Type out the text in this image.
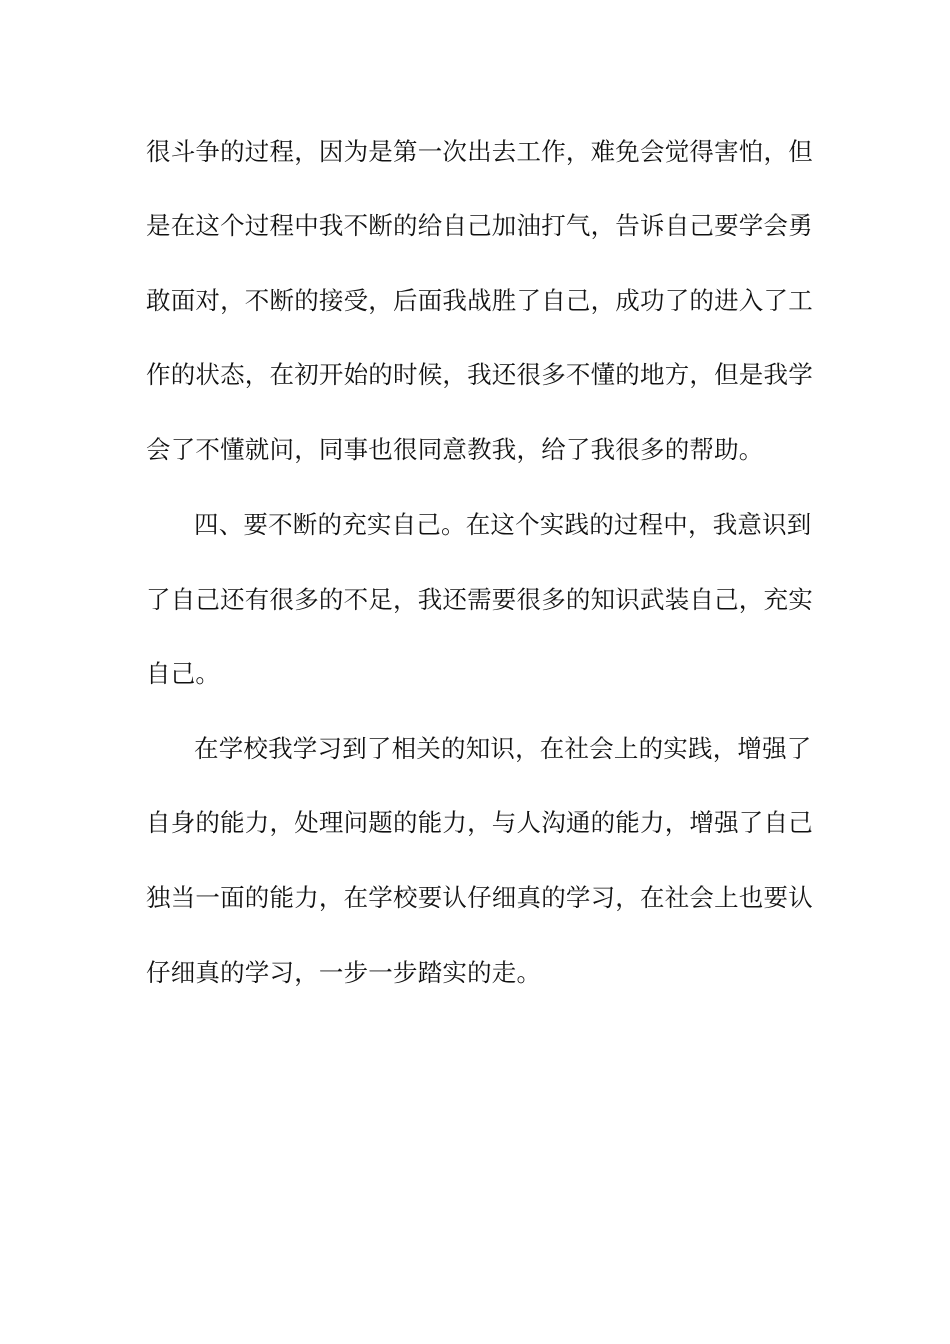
很斗争的过程，因为是第一次出去工作，难免会觉得害怕，但
是在这个过程中我不断的给自己加油打气，告诉自己要学会勇
敢面对，不断的接受，后面我战胜了自己，成功了的进入了工
作的状态，在初开始的时候，我还很多不懂的地方，但是我学
会了不懂就问，同事也很同意教我，给了我很多的帮助。
四、要不断的充实自己。在这个实践的过程中，我意识到
了自己还有很多的不足，我还需要很多的知识武装自己，充实
自己。
在学校我学习到了相关的知识，在社会上的实践，增强了
自身的能力，处理问题的能力，与人沟通的能力，增强了自己
独当一面的能力，在学校要认仔细真的学习，在社会上也要认
仔细真的学习，一步一步踏实的走。
